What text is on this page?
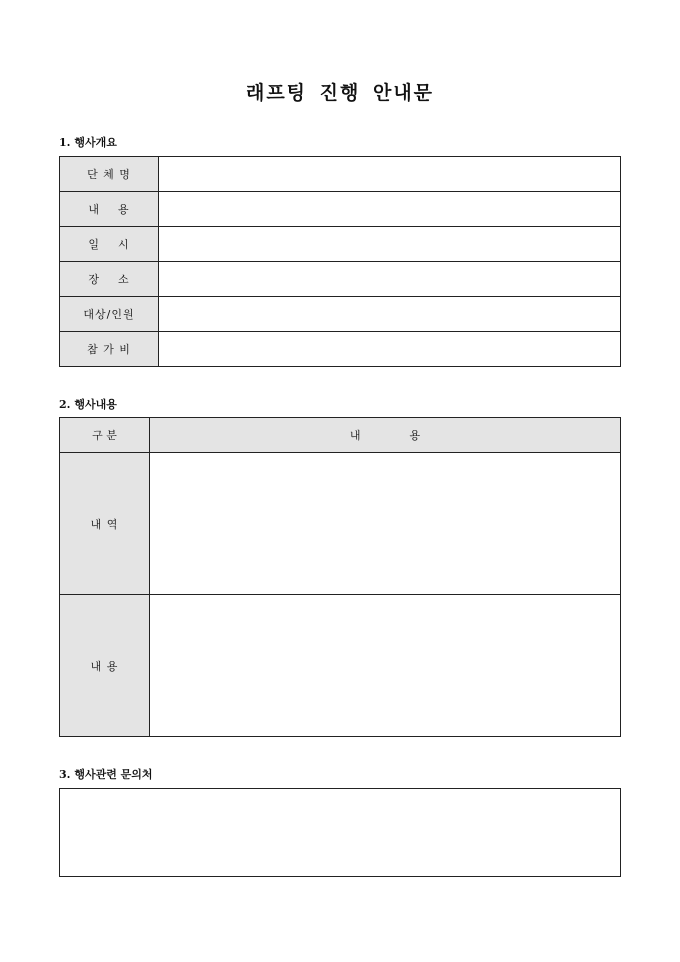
래프팅 진행 안내문
1. 행사개요
단 체 명	
내    용	
일    시	
장    소	
대상/인원	
참 가 비	
2. 행사내용
구 분	내              용
내 역	
내 용	
3. 행사관련 문의처
